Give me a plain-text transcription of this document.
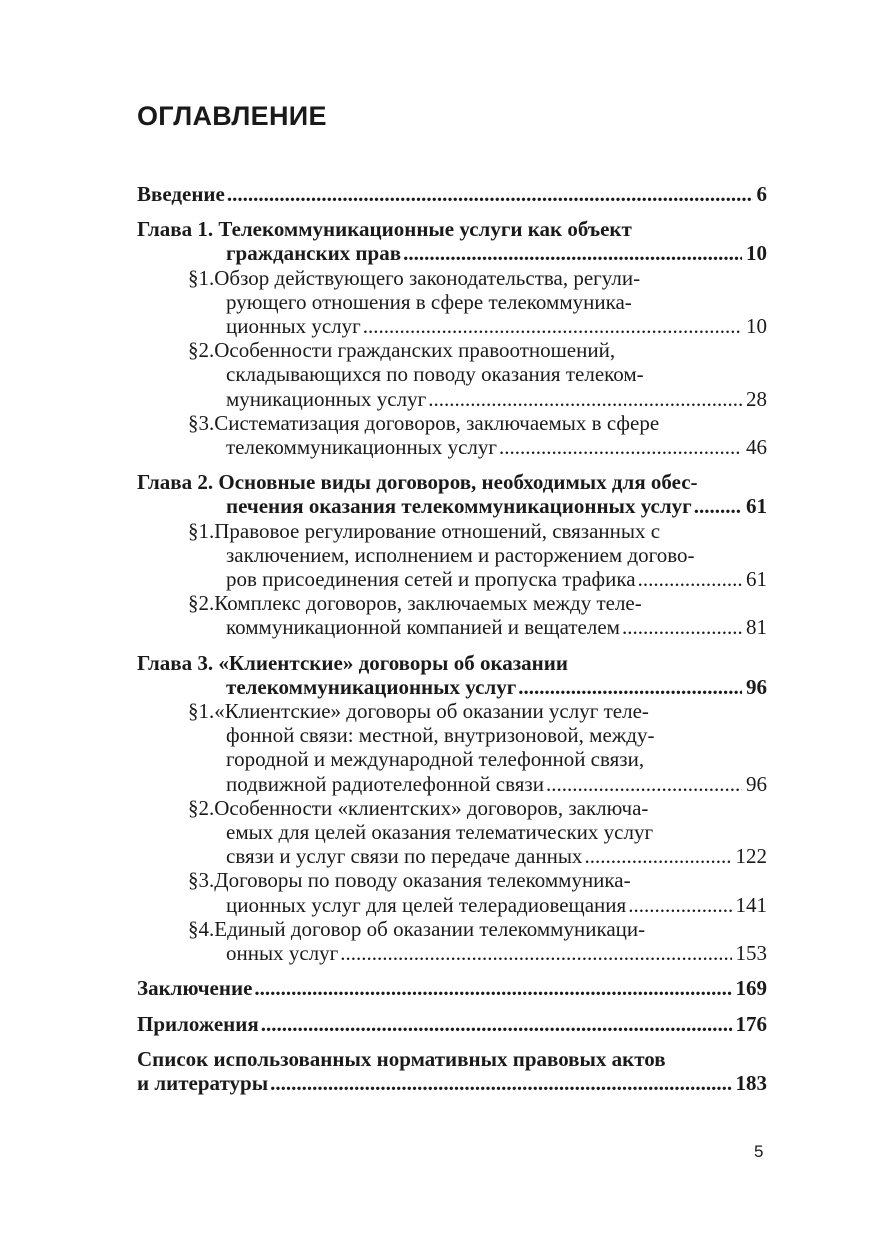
ОГЛАВЛЕНИЕ
Введение .....	6
Глава 1. Телекоммуникационные услуги как объект
гражданских прав .....	10
§1.Обзор действующего законодательства, регули-
рующего отношения в сфере телекоммуника-
ционных услуг .....	10
§2.Особенности гражданских правоотношений,
складывающихся по поводу оказания телеком-
муникационных услуг .....	28
§3.Систематизация договоров, заключаемых в сфере
телекоммуникационных услуг .....	46
Глава 2. Основные виды договоров, необходимых для обес-
печения оказания телекоммуникационных услуг .....	61
§1.Правовое регулирование отношений, связанных с
заключением, исполнением и расторжением догово-
ров присоединения сетей и пропуска трафика .....	61
§2.Комплекс договоров, заключаемых между теле-
коммуникационной компанией и вещателем .....	81
Глава 3. «Клиентские» договоры об оказании
телекоммуникационных услуг .....	96
§1.«Клиентские» договоры об оказании услуг теле-
фонной связи: местной, внутризоновой, между-
городной и международной телефонной связи,
подвижной радиотелефонной связи .....	96
§2.Особенности «клиентских» договоров, заключа-
емых для целей оказания телематических услуг
связи и услуг связи по передаче данных .....	122
§3.Договоры по поводу оказания телекоммуника-
ционных услуг для целей телерадиовещания .....	141
§4.Единый договор об оказании телекоммуникаци-
онных услуг .....	153
Заключение .....	169
Приложения .....	176
Список использованных нормативных правовых актов
и литературы .....	183
5
